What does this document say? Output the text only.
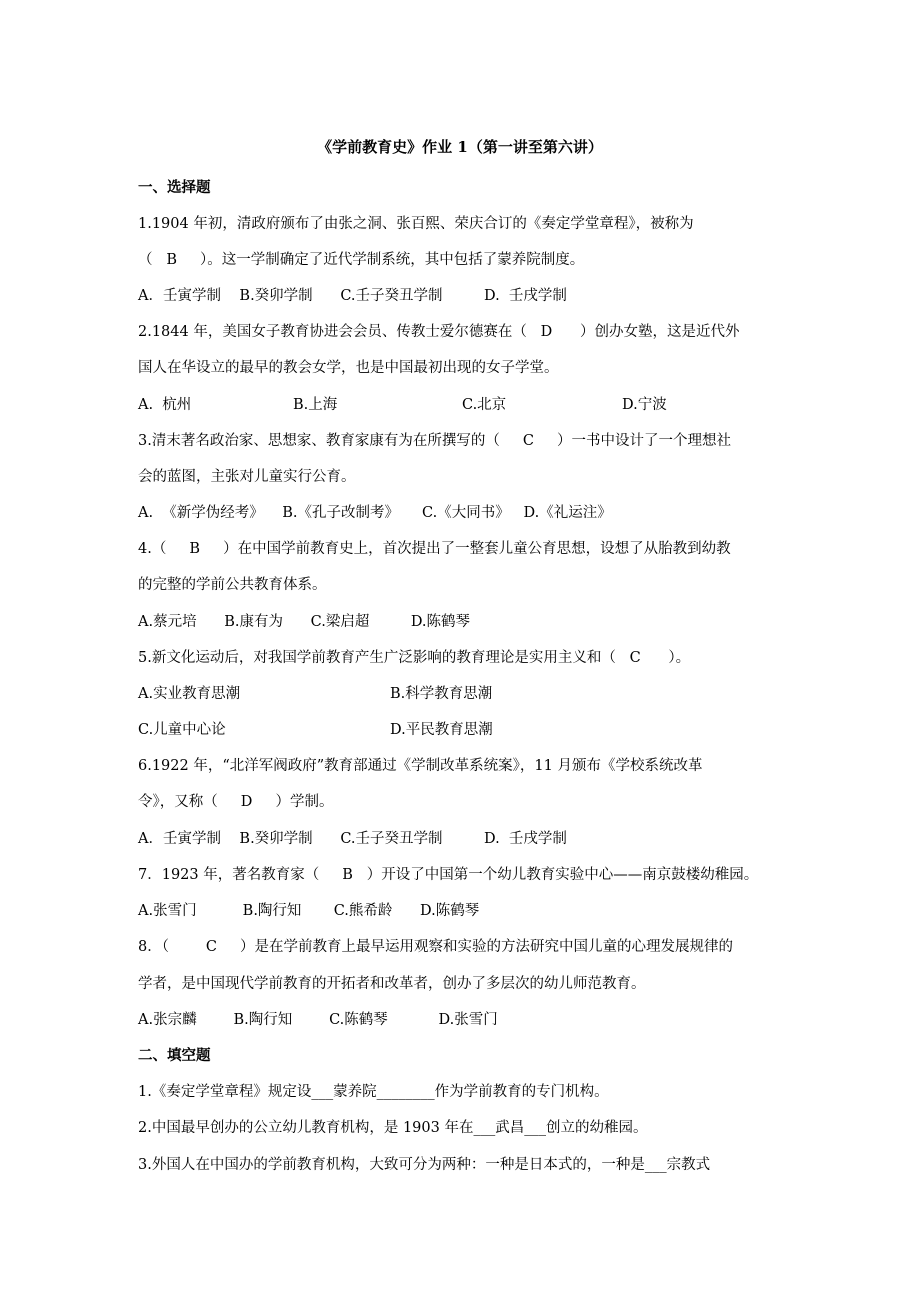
《学前教育史》作业 1（第一讲至第六讲）
一、选择题
1.1904 年初，清政府颁布了由张之洞、张百熙、荣庆合订的《奏定学堂章程》，被称为
（   B     ）。这一学制确定了近代学制系统，其中包括了蒙养院制度。
A．壬寅学制    B.癸卯学制      C.壬子癸丑学制         D.  壬戌学制
2.1844 年，美国女子教育协进会会员、传教士爱尔德赛在（   D      ）创办女塾，这是近代外
国人在华设立的最早的教会女学，也是中国最初出现的女子学堂。
A.  杭州	B.上海	C.北京	D.宁波
3.清末著名政治家、思想家、教育家康有为在所撰写的（     C     ）一书中设计了一个理想社
会的蓝图，主张对儿童实行公育。
A.  《新学伪经考》    B.《孔子改制考》     C.《大同书》   D.《礼运注》
4.（     B     ）在中国学前教育史上，首次提出了一整套儿童公育思想，设想了从胎教到幼教
的完整的学前公共教育体系。
A.蔡元培      B.康有为      C.梁启超         D.陈鹤琴
5.新文化运动后，对我国学前教育产生广泛影响的教育理论是实用主义和（   C      ）。
A.实业教育思潮	B.科学教育思潮
C.儿童中心论	D.平民教育思潮
6.1922 年，“北洋军阀政府”教育部通过《学制改革系统案》，11 月颁布《学校系统改革
令》，又称（     D     ）学制。
A．壬寅学制    B.癸卯学制      C.壬子癸丑学制         D.  壬戌学制
7．1923 年，著名教育家（     B   ）开设了中国第一个幼儿教育实验中心——南京鼓楼幼稚园。
A.张雪门          B.陶行知       C.熊希龄      D.陈鹤琴
8．（        C     ）是在学前教育上最早运用观察和实验的方法研究中国儿童的心理发展规律的
学者，是中国现代学前教育的开拓者和改革者，创办了多层次的幼儿师范教育。
A.张宗麟        B.陶行知        C.陈鹤琴           D.张雪门
二、填空题
1.《奏定学堂章程》规定设___蒙养院________作为学前教育的专门机构。
2.中国最早创办的公立幼儿教育机构，是 1903 年在___武昌___创立的幼稚园。
3.外国人在中国办的学前教育机构，大致可分为两种：一种是日本式的，一种是___宗教式
